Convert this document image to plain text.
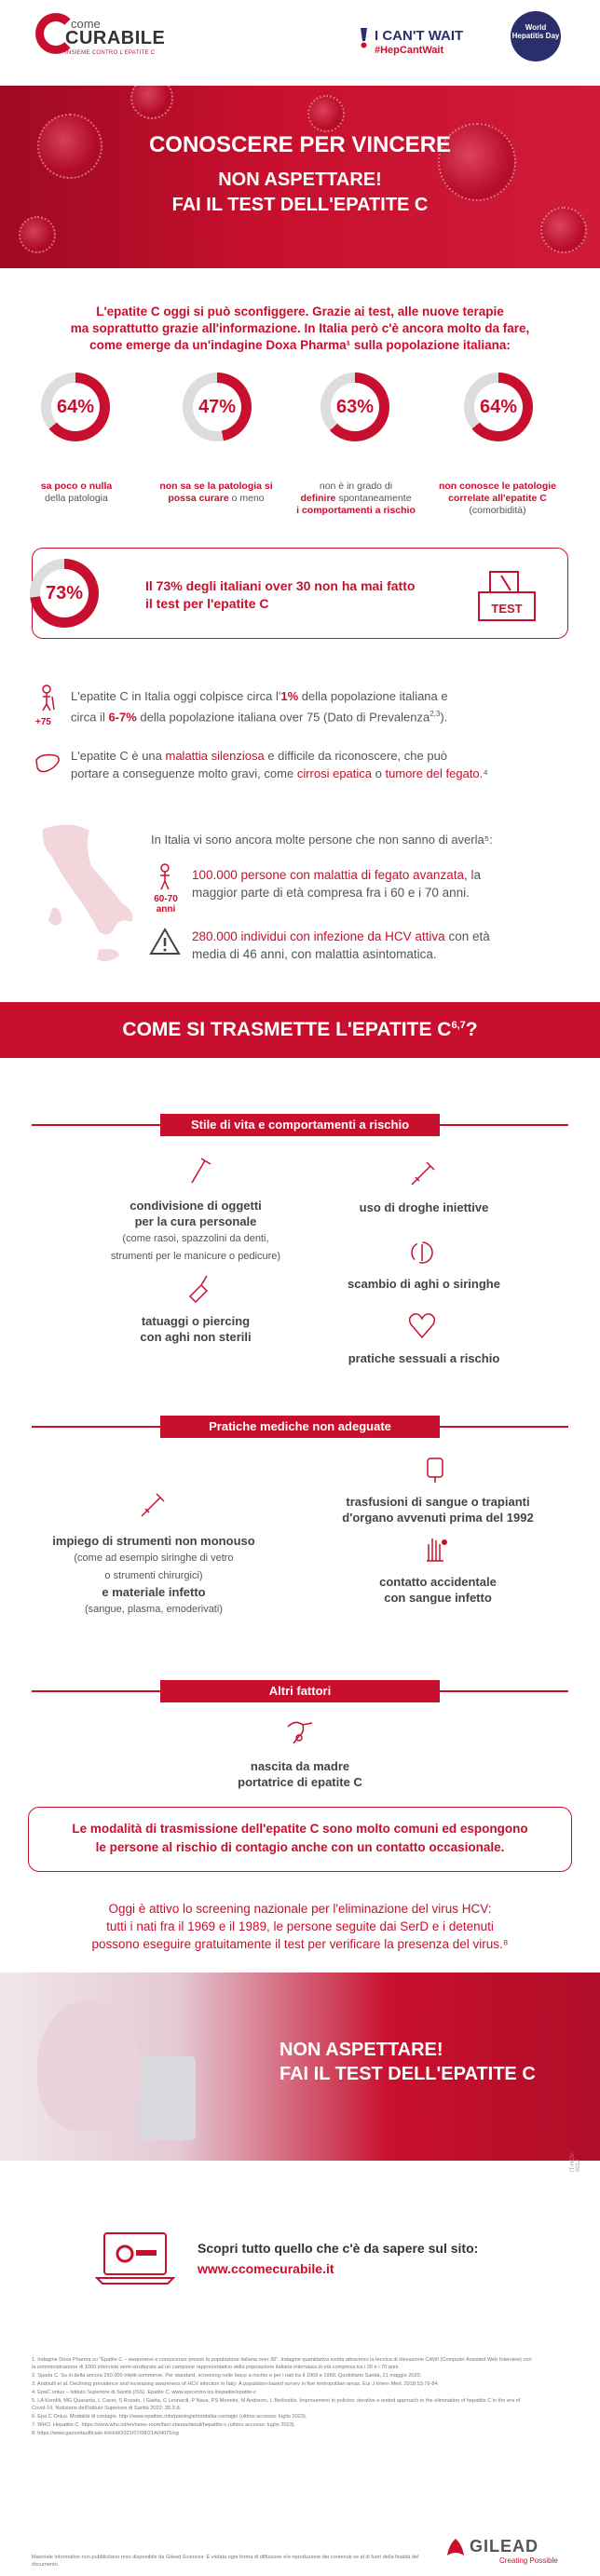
come
CURABILE
INSIEME CONTRO L'EPATITE C
I CAN'T WAIT
#HepCantWait
World Hepatitis Day
CONOSCERE PER VINCERE
NON ASPETTARE!
FAI IL TEST DELL'EPATITE C
L'epatite C oggi si può sconfiggere. Grazie ai test, alle nuove terapie
ma soprattutto grazie all'informazione. In Italia però c'è ancora molto da fare,
come emerge da un'indagine Doxa Pharma¹ sulla popolazione italiana:
64%	47%	63%	64%
sa poco o nulla
della patologia
non sa se la patologia si possa curare o meno
non è in grado di
definire spontaneamente
i comportamenti a rischio
non conosce le patologie correlate all'epatite C
(comorbidità)
73%	Il 73% degli italiani over 30 non ha mai fatto
il test per l'epatite C	TEST
+75
L'epatite C in Italia oggi colpisce circa l'1% della popolazione italiana e
circa il 6-7% della popolazione italiana over 75 (Dato di Prevalenza$^{2,3}$).
L'epatite C è una malattia silenziosa e difficile da riconoscere, che può
portare a conseguenze molto gravi, come cirrosi epatica o tumore del fegato.⁴
In Italia vi sono ancora molte persone che non sanno di averla⁵:
60-70 anni
100.000 persone con malattia di fegato avanzata, la
maggior parte di età compresa fra i 60 e i 70 anni.
280.000 individui con infezione da HCV attiva con età
media di 46 anni, con malattia asintomatica.
COME SI TRASMETTE L'EPATITE C$^{6,7}$?
Stile di vita e comportamenti a rischio
condivisione di oggetti
per la cura personale
(come rasoi, spazzolini da denti,
strumenti per le manicure o pedicure)
uso di droghe iniettive
scambio di aghi o siringhe
tatuaggi o piercing
con aghi non sterili
pratiche sessuali a rischio
Pratiche mediche non adeguate
impiego di strumenti non monouso
(come ad esempio siringhe di vetro
o strumenti chirurgici)
e materiale infetto
(sangue, plasma, emoderivati)
trasfusioni di sangue o trapianti
d'organo avvenuti prima del 1992
contatto accidentale
con sangue infetto
Altri fattori
nascita da madre
portatrice di epatite C
Le modalità di trasmissione dell'epatite C sono molto comuni ed espongono
le persone al rischio di contagio anche con un contatto occasionale.
Oggi è attivo lo screening nazionale per l'eliminazione del virus HCV:
tutti i nati fra il 1969 e il 1989, le persone seguite dai SerD e i detenuti
possono eseguire gratuitamente il test per verificare la presenza del virus.⁸
NON ASPETTARE!
FAI IL TEST DELL'EPATITE C
IT-HCV-0012
Scopri tutto quello che c'è da sapere sul sito:
www.ccomecurabile.it
1. Indagine Doxa Pharma su "Epatite C – awareness e conoscenze presso la popolazione italiana over 30". Indagine quantitativa svolta attraverso la tecnica di rilevazione CAWI (Computer Assisted Web Interview) con la somministrazione di 1000 interviste semi-strutturate ad un campione rappresentativo della popolazione italiana internauta di età compresa tra i 30 e i 70 anni.
2. Spada C. Su in della ancora 250.000 infetti sommerse. Per standard, screening nelle fasce a rischio e per i nati tra il 1969 e 1989. Quotidiano Sanità, 21 maggio 2020.
3. Andriulli et al. Declining prevalence and increasing awareness of HCV infection in Italy: A population-based survey in five metropolitan areas. Eur J Intern Med. 2018;53:79-84.
4. EpaC onlus – Istituto Superiore di Sanità (ISS). Epatite C. www.epicentro.iss.it/epatite/epatite-c
5. LA Kondili, MG Quaranta, L Cavet, S Rosato, I Gaeta, C Leonardi, P Nava, PS Mennini, M Andreoni, L Berlinskis. Improvement in policies: iterative e tested approach to the elimination of hepatitis C in the era of Covid-19. Notiziario dell'Istituto Superiore di Sanità 2022; 35:3-8.
6. Epa C Onlus. Modalità di contagio. http://www.epatitec.info/patologie/modalita-contagio (ultimo accesso: luglio 2023).
7. WHO. Hepatitis C. https://www.who.int/en/news-room/fact-sheets/detail/hepatitis-c (ultimo accesso: luglio 2023).
8. https://www.gazzettaufficiale.it/eli/id/2021/07/08/21A04075/sg
Materiale informativo non pubblicitario reso disponibile da Gilead Sciences. È vietata ogni forma di diffusione e/o riproduzione dei contenuti se al di fuori della finalità del documento.
GILEAD
Creating Possible
